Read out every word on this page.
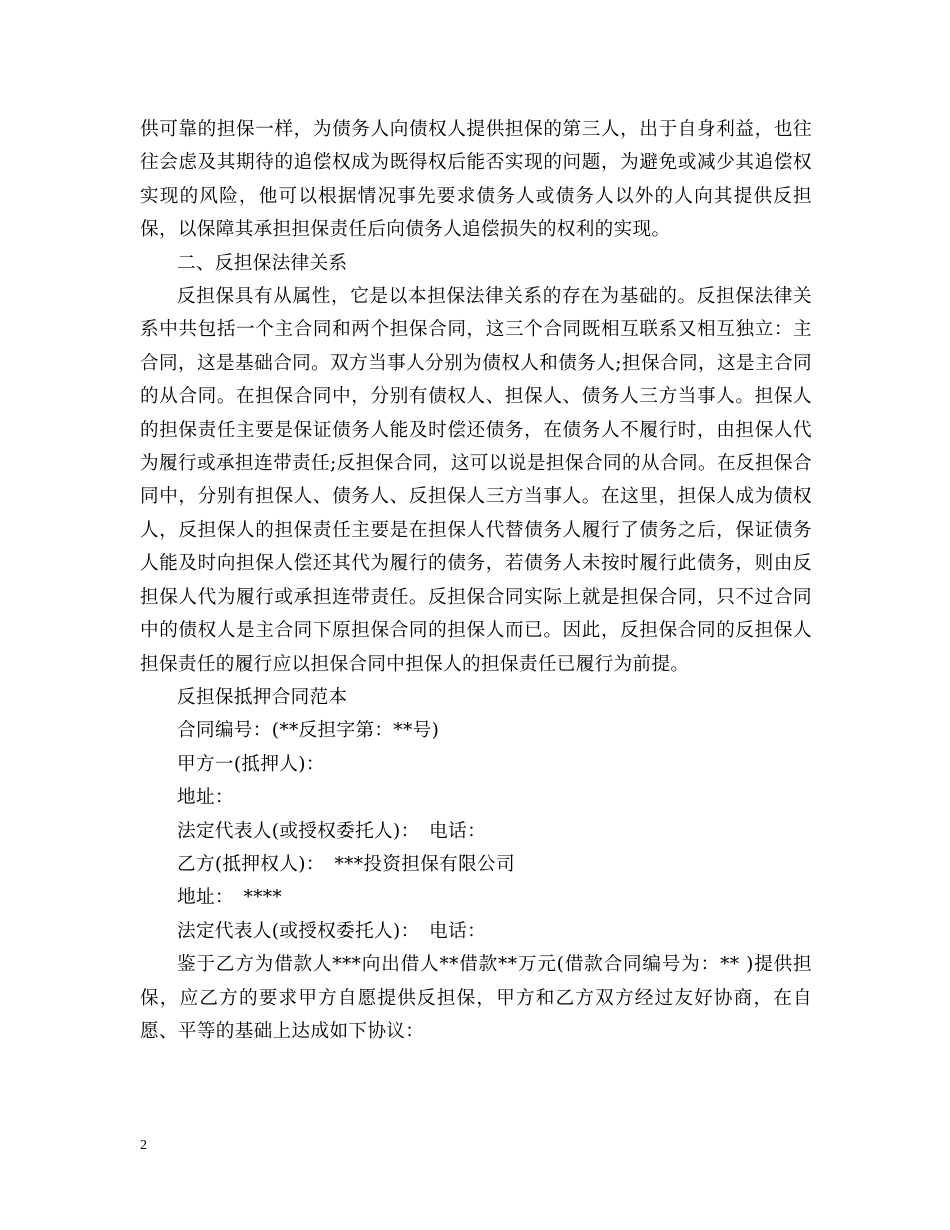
供可靠的担保一样，为债务人向债权人提供担保的第三人，出于自身利益，也往往会虑及其期待的追偿权成为既得权后能否实现的问题，为避免或减少其追偿权实现的风险，他可以根据情况事先要求债务人或债务人以外的人向其提供反担保，以保障其承担担保责任后向债务人追偿损失的权利的实现。

二、反担保法律关系

反担保具有从属性，它是以本担保法律关系的存在为基础的。反担保法律关系中共包括一个主合同和两个担保合同，这三个合同既相互联系又相互独立：主合同，这是基础合同。双方当事人分别为债权人和债务人;担保合同，这是主合同的从合同。在担保合同中，分别有债权人、担保人、债务人三方当事人。担保人的担保责任主要是保证债务人能及时偿还债务，在债务人不履行时，由担保人代为履行或承担连带责任;反担保合同，这可以说是担保合同的从合同。在反担保合同中，分别有担保人、债务人、反担保人三方当事人。在这里，担保人成为债权人，反担保人的担保责任主要是在担保人代替债务人履行了债务之后，保证债务人能及时向担保人偿还其代为履行的债务，若债务人未按时履行此债务，则由反担保人代为履行或承担连带责任。反担保合同实际上就是担保合同，只不过合同中的债权人是主合同下原担保合同的担保人而已。因此，反担保合同的反担保人担保责任的履行应以担保合同中担保人的担保责任已履行为前提。

反担保抵押合同范本

合同编号：(**反担字第：**号)

甲方一(抵押人)：

地址：

法定代表人(或授权委托人)：　电话：

乙方(抵押权人)：　***投资担保有限公司

地址：　****

法定代表人(或授权委托人)：　电话：

鉴于乙方为借款人***向出借人**借款**万元(借款合同编号为：** )提供担保，应乙方的要求甲方自愿提供反担保，甲方和乙方双方经过友好协商，在自愿、平等的基础上达成如下协议：

2
